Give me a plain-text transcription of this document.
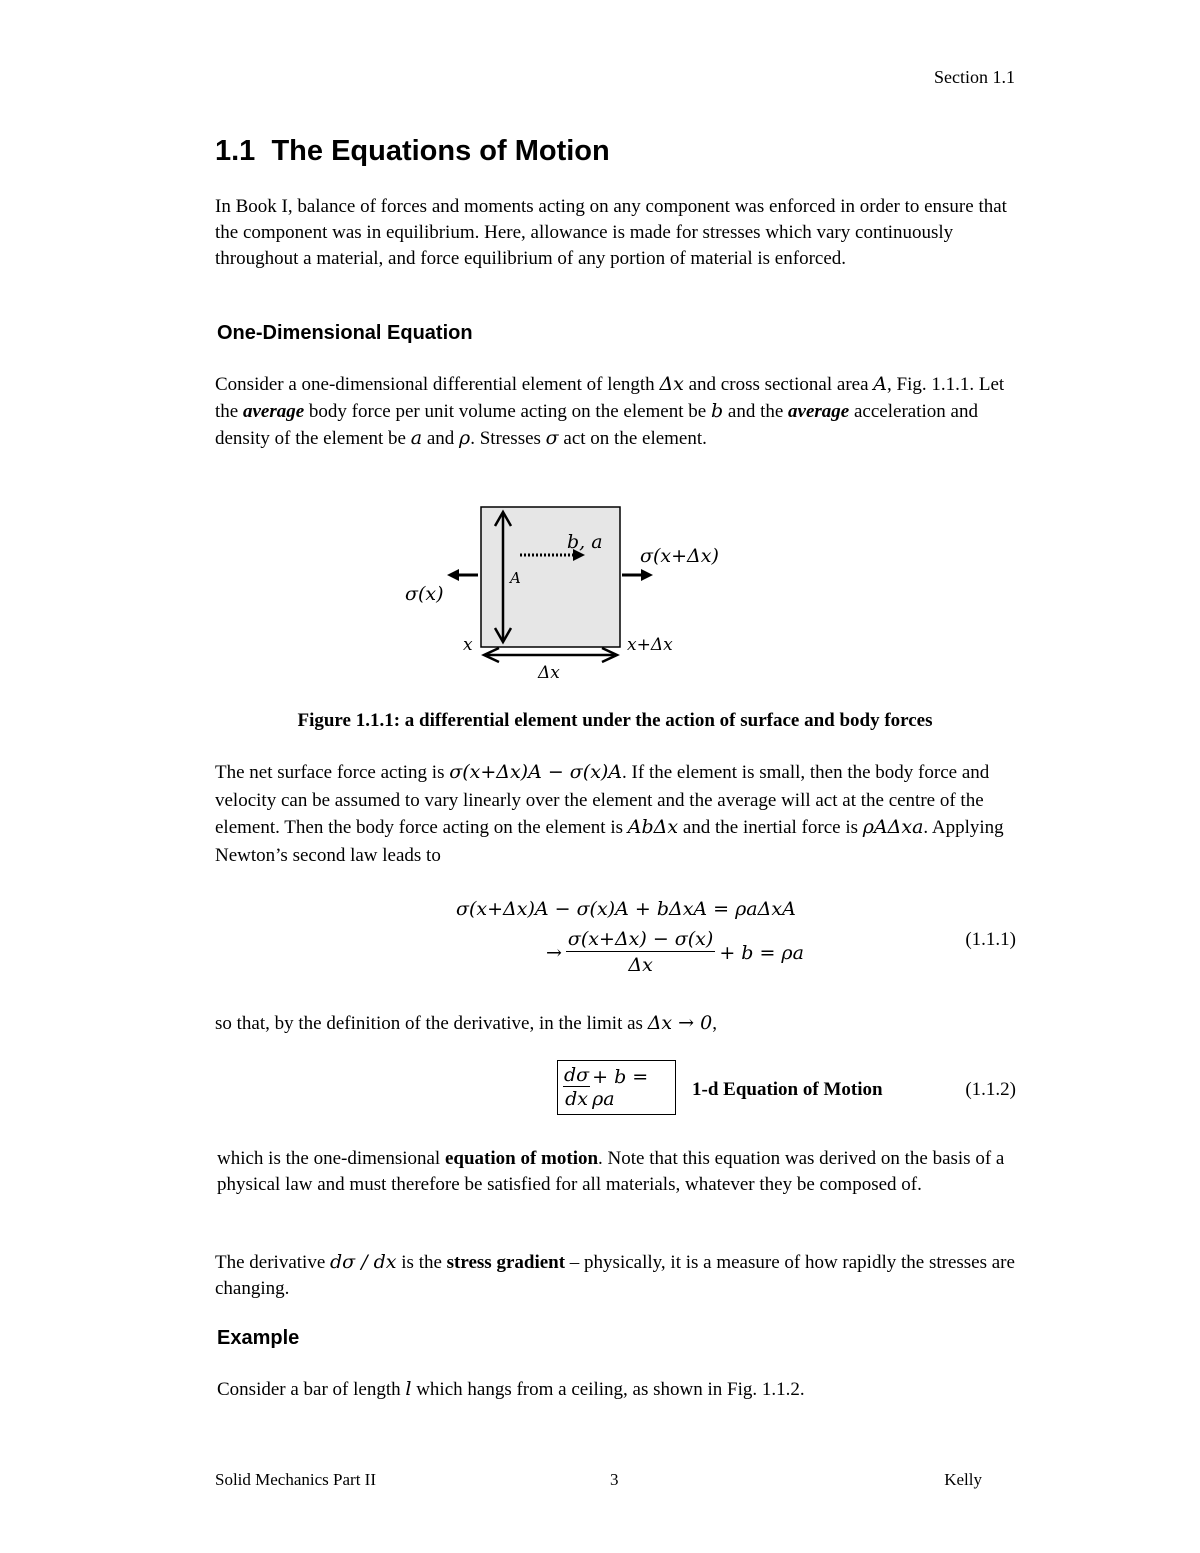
Section 1.1
1.1 The Equations of Motion
In Book I, balance of forces and moments acting on any component was enforced in order to ensure that the component was in equilibrium. Here, allowance is made for stresses which vary continuously throughout a material, and force equilibrium of any portion of material is enforced.
One-Dimensional Equation
Consider a one-dimensional differential element of length Δx and cross sectional area A, Fig. 1.1.1. Let the average body force per unit volume acting on the element be b and the average acceleration and density of the element be a and ρ. Stresses σ act on the element.
b, a
A
σ(x+Δx)
σ(x)
x	x+Δx
Δx
Figure 1.1.1: a differential element under the action of surface and body forces
The net surface force acting is σ(x+Δx)A − σ(x)A. If the element is small, then the body force and velocity can be assumed to vary linearly over the element and the average will act at the centre of the element. Then the body force acting on the element is AbΔx and the inertial force is ρAΔxa. Applying Newton’s second law leads to
σ(x+Δx)A − σ(x)A + bΔxA = ρaΔxA
→ $\frac{\sigma(x+\Delta x) - \sigma(x)}{\Delta x} + b = \rho a$
(1.1.1)
so that, by the definition of the derivative, in the limit as Δx → 0,
$\frac{d\sigma}{dx} + b = \rho a$	1-d Equation of Motion	(1.1.2)
which is the one-dimensional equation of motion. Note that this equation was derived on the basis of a physical law and must therefore be satisfied for all materials, whatever they be composed of.
The derivative dσ / dx is the stress gradient – physically, it is a measure of how rapidly the stresses are changing.
Example
Consider a bar of length l which hangs from a ceiling, as shown in Fig. 1.1.2.
Solid Mechanics Part II	3	Kelly
